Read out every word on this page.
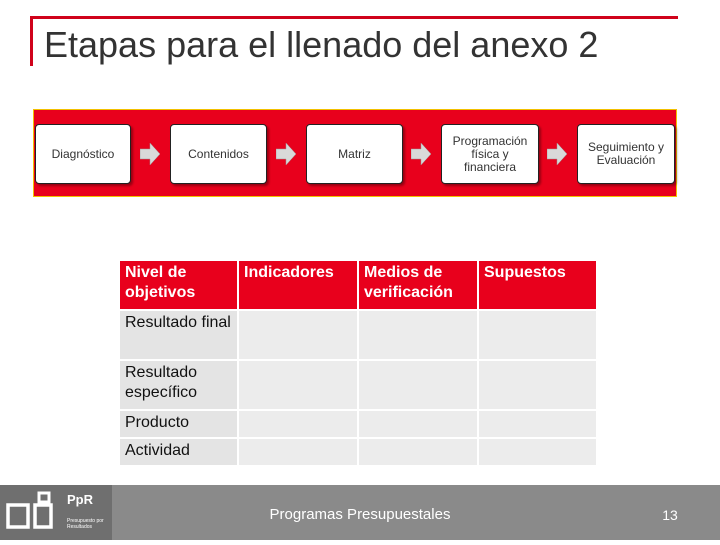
Etapas para el llenado del anexo 2
Diagnóstico	Contenidos	Matriz
Programación física y financiera
Seguimiento y Evaluación
Nivel de objetivos	Indicadores	Medios de verificación	Supuestos
Resultado final			
Resultado específico			
Producto			
Actividad			
PpR
Presupuesto por Resultados
Programas Presupuestales	13
